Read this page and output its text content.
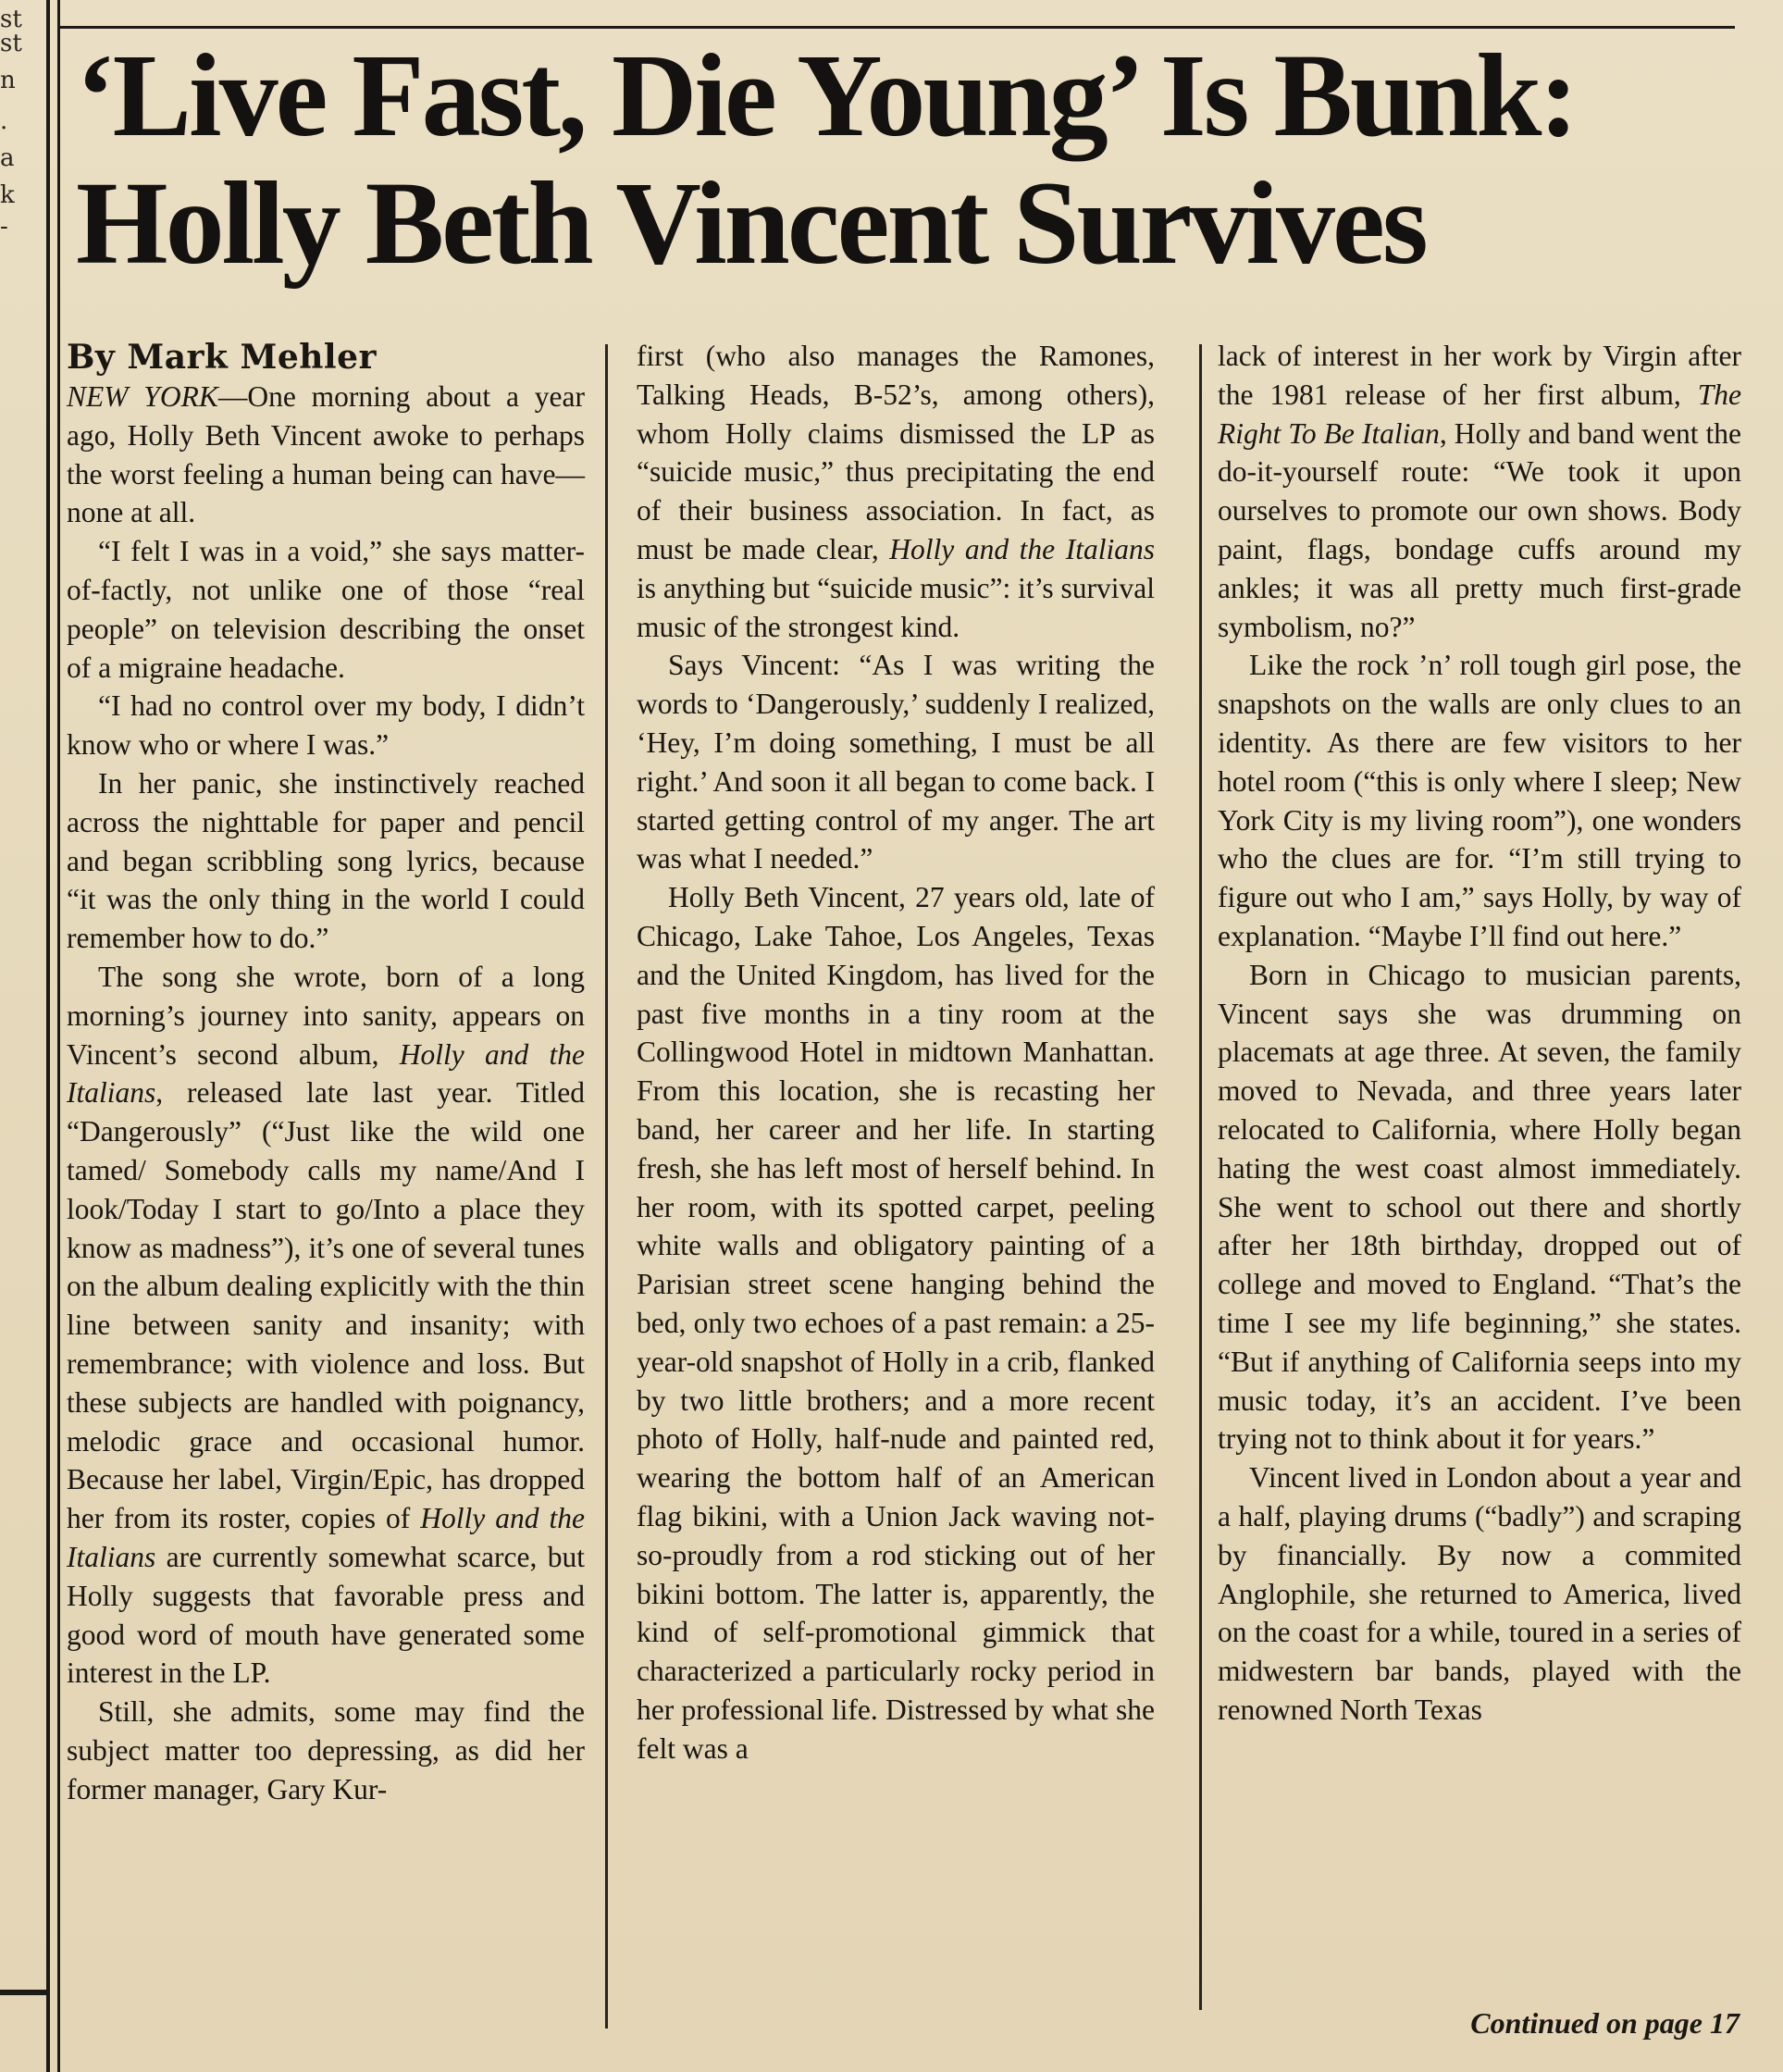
st
st
n
.
a
k
-
‘Live Fast, Die Young’ Is Bunk:
Holly Beth Vincent Survives

By Mark Mehler

NEW YORK—One morning about a year ago, Holly Beth Vincent awoke to perhaps the worst feeling a human being can have—none at all.

“I felt I was in a void,” she says matter-of-factly, not unlike one of those “real people” on television describing the onset of a migraine headache.

“I had no control over my body, I didn’t know who or where I was.”

In her panic, she instinctively reached across the nighttable for paper and pencil and began scribbling song lyrics, because “it was the only thing in the world I could remember how to do.”

The song she wrote, born of a long morning’s journey into sanity, appears on Vincent’s second album, Holly and the Italians, released late last year. Titled “Dangerously” (“Just like the wild one tamed/ Somebody calls my name/And I look/Today I start to go/Into a place they know as madness”), it’s one of several tunes on the album dealing explicitly with the thin line between sanity and insanity; with remembrance; with violence and loss. But these subjects are handled with poignancy, melodic grace and occasional humor. Because her label, Virgin/Epic, has dropped her from its roster, copies of Holly and the Italians are currently somewhat scarce, but Holly suggests that favorable press and good word of mouth have generated some interest in the LP.

Still, she admits, some may find the subject matter too depressing, as did her former manager, Gary Kur-

first (who also manages the Ramones, Talking Heads, B-52’s, among others), whom Holly claims dismissed the LP as “suicide music,” thus precipitating the end of their business association. In fact, as must be made clear, Holly and the Italians is anything but “suicide music”: it’s survival music of the strongest kind.

Says Vincent: “As I was writing the words to ‘Dangerously,’ suddenly I realized, ‘Hey, I’m doing something, I must be all right.’ And soon it all began to come back. I started getting control of my anger. The art was what I needed.”

Holly Beth Vincent, 27 years old, late of Chicago, Lake Tahoe, Los Angeles, Texas and the United Kingdom, has lived for the past five months in a tiny room at the Collingwood Hotel in midtown Manhattan. From this location, she is recasting her band, her career and her life. In starting fresh, she has left most of herself behind. In her room, with its spotted carpet, peeling white walls and obligatory painting of a Parisian street scene hanging behind the bed, only two echoes of a past remain: a 25-year-old snapshot of Holly in a crib, flanked by two little brothers; and a more recent photo of Holly, half-nude and painted red, wearing the bottom half of an American flag bikini, with a Union Jack waving not-so-proudly from a rod sticking out of her bikini bottom. The latter is, apparently, the kind of self-promotional gimmick that characterized a particularly rocky period in her professional life. Distressed by what she felt was a

lack of interest in her work by Virgin after the 1981 release of her first album, The Right To Be Italian, Holly and band went the do-it-yourself route: “We took it upon ourselves to promote our own shows. Body paint, flags, bondage cuffs around my ankles; it was all pretty much first-grade symbolism, no?”

Like the rock ’n’ roll tough girl pose, the snapshots on the walls are only clues to an identity. As there are few visitors to her hotel room (“this is only where I sleep; New York City is my living room”), one wonders who the clues are for. “I’m still trying to figure out who I am,” says Holly, by way of explanation. “Maybe I’ll find out here.”

Born in Chicago to musician parents, Vincent says she was drumming on placemats at age three. At seven, the family moved to Nevada, and three years later relocated to California, where Holly began hating the west coast almost immediately. She went to school out there and shortly after her 18th birthday, dropped out of college and moved to England. “That’s the time I see my life beginning,” she states. “But if anything of California seeps into my music today, it’s an accident. I’ve been trying not to think about it for years.”

Vincent lived in London about a year and a half, playing drums (“badly”) and scraping by financially. By now a commited Anglophile, she returned to America, lived on the coast for a while, toured in a series of midwestern bar bands, played with the renowned North Texas

Continued on page 17
